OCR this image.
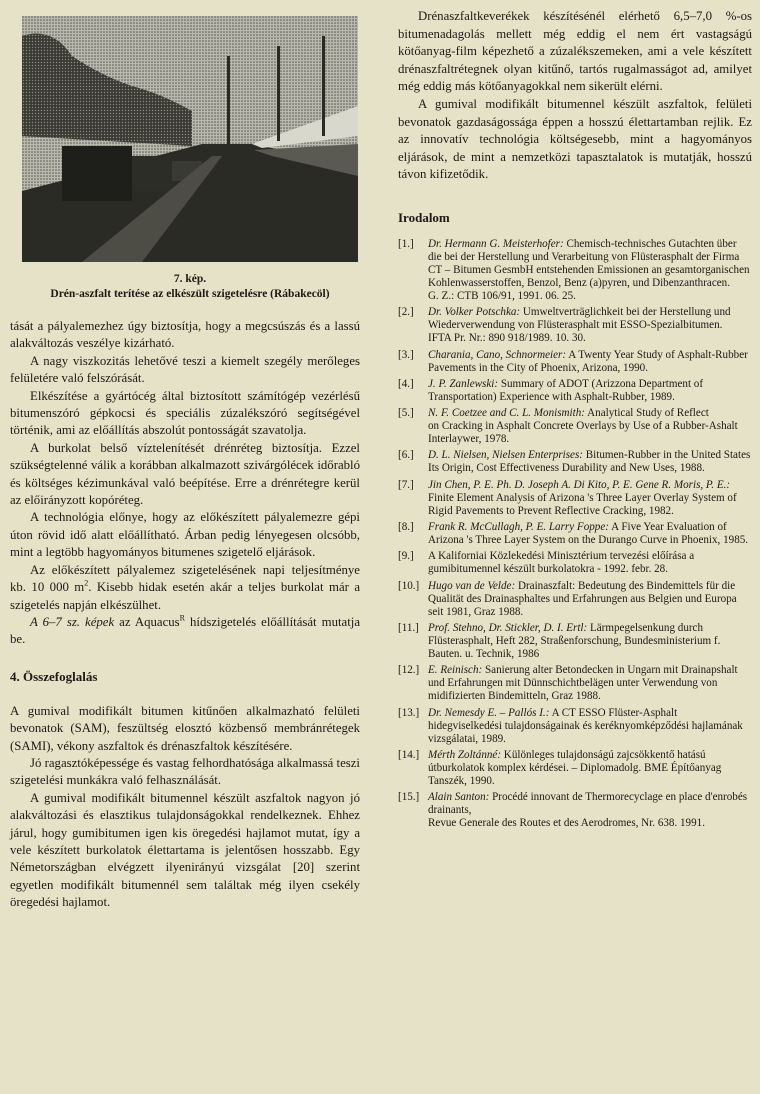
7. kép.
Drén-aszfalt terítése az elkészült szigetelésre (Rábakecöl)

tását a pályalemezhez úgy biztosítja, hogy a megcsúszás és a lassú alakváltozás veszélye kizárható.

A nagy viszkozitás lehetővé teszi a kiemelt szegély merőleges felületére való felszórását.

Elkészítése a gyártócég által biztosított számítógép vezérlésű bitumenszóró gépkocsi és speciális zúzalékszóró segítségével történik, ami az előállítás abszolút pontosságát szavatolja.

A burkolat belső víztelenítését drénréteg biztosítja. Ezzel szükségtelenné válik a korábban alkalmazott szivárgólécek időrabló és költséges kézimunkával való beépítése. Erre a drénrétegre kerül az előirányzott kopóréteg.

A technológia előnye, hogy az előkészített pályalemezre gépi úton rövid idő alatt előállítható. Árban pedig lényegesen olcsóbb, mint a legtöbb hagyományos bitumenes szigetelő eljárások.

Az előkészített pályalemez szigetelésének napi teljesítménye kb. 10 000 $m^2$. Kisebb hidak esetén akár a teljes burkolat már a szigetelés napján elkészülhet.

A 6–7 sz. képek az Aquacus$^R$ hídszigetelés előállítását mutatja be.

4. Összefoglalás

A gumival modifikált bitumen kitűnően alkalmazható felületi bevonatok (SAM), feszültség elosztó közbenső membránrétegek (SAMI), vékony aszfaltok és drénaszfaltok készítésére.

Jó ragasztóképessége és vastag felhordhatósága alkalmassá teszi szigetelési munkákra való felhasználását.

A gumival modifikált bitumennel készült aszfaltok nagyon jó alakváltozási és elasztikus tulajdonságokkal rendelkeznek. Ehhez járul, hogy gumibitumen igen kis öregedési hajlamot mutat, így a vele készített burkolatok élettartama is jelentősen hosszabb. Egy Németországban elvégzett ilyenirányú vizsgálat [20] szerint egyetlen modifikált bitumennél sem találtak még ilyen csekély öregedési hajlamot.

Drénaszfaltkeverékek készítésénél elérhető 6,5–7,0 %-os bitumenadagolás mellett még eddig el nem ért vastagságú kötőanyag-film képezhető a zúzalékszemeken, ami a vele készített drénaszfaltrétegnek olyan kitűnő, tartós rugalmasságot ad, amilyet még eddig más kötőanyagokkal nem sikerült elérni.

A gumival modifikált bitumennel készült aszfaltok, felületi bevonatok gazdaságossága éppen a hosszú élettartamban rejlik. Ez az innovatív technológia költségesebb, mint a hagyományos eljárások, de mint a nemzetközi tapasztalatok is mutatják, hosszú távon kifizetődik.

Irodalom
[1.] Dr. Hermann G. Meisterhofer: Chemisch-technisches Gutachten über die bei der Herstellung und Verarbeitung von Flüsterasphalt der Firma CT – Bitumen GesmbH entstehenden Emissionen an gesamtorganischen Kohlenwasserstoffen, Benzol, Benz (a)pyren, und Dibenzanthracen.
G. Z.: CTB 106/91, 1991. 06. 25.
[2.] Dr. Volker Potschka: Umweltverträglichkeit bei der Herstellung und Wiederverwendung von Flüsterasphalt mit ESSO-Spezialbitumen.
IFTA Pr. Nr.: 890 918/1989. 10. 30.
[3.] Charania, Cano, Schnormeier: A Twenty Year Study of Asphalt-Rubber Pavements in the City of Phoenix, Arizona, 1990.
[4.] J. P. Zanlewski: Summary of ADOT (Arizzona Department of Transportation) Experience with Asphalt-Rubber, 1989.
[5.] N. F. Coetzee and C. L. Monismith: Analytical Study of Reflect
on Cracking in Asphalt Concrete Overlays by Use of a Rubber-Ashalt Interlaywer, 1978.
[6.] D. L. Nielsen, Nielsen Enterprises: Bitumen-Rubber in the United States Its Origin, Cost Effectiveness Durability and New Uses, 1988.
[7.] Jin Chen, P. E. Ph. D. Joseph A. Di Kito, P. E. Gene R. Moris, P. E.: Finite Element Analysis of Arizona 's Three Layer Overlay System of Rigid Pavements to Prevent Reflective Cracking, 1982.
[8.] Frank R. McCullagh, P. E. Larry Foppe: A Five Year Evaluation of Arizona 's Three Layer System on the Durango Curve in Phoenix, 1985.
[9.] A Kaliforniai Közlekedési Minisztérium tervezési előírása a gumibitumennel készült burkolatokra - 1992. febr. 28.
[10.] Hugo van de Velde: Drainaszfalt: Bedeutung des Bindemittels für die Qualität des Drainasphaltes und Erfahrungen aus Belgien und Europa seit 1981, Graz 1988.
[11.] Prof. Stehno, Dr. Stickler, D. I. Ertl: Lärmpegelsenkung durch Flüsterasphalt, Heft 282, Straßenforschung, Bundesministerium f. Bauten. u. Technik, 1986
[12.] E. Reinisch: Sanierung alter Betondecken in Ungarn mit Drainapshalt und Erfahrungen mit Dünnschichtbelägen unter Verwendung von midifizierten Bindemitteln, Graz 1988.
[13.] Dr. Nemesdy E. – Pallós I.: A CT ESSO Flüster-Asphalt hidegviselkedési tulajdonságainak és keréknyomképződési hajlamának vizsgálatai, 1989.
[14.] Mérth Zoltánné: Különleges tulajdonságú zajcsökkentő hatású útburkolatok komplex kérdései. – Diplomadolg. BME Építőanyag Tanszék, 1990.
[15.] Alain Santon: Procédé innovant de Thermorecyclage en place d'enrobés drainants,
Revue Generale des Routes et des Aerodromes, Nr. 638. 1991.
